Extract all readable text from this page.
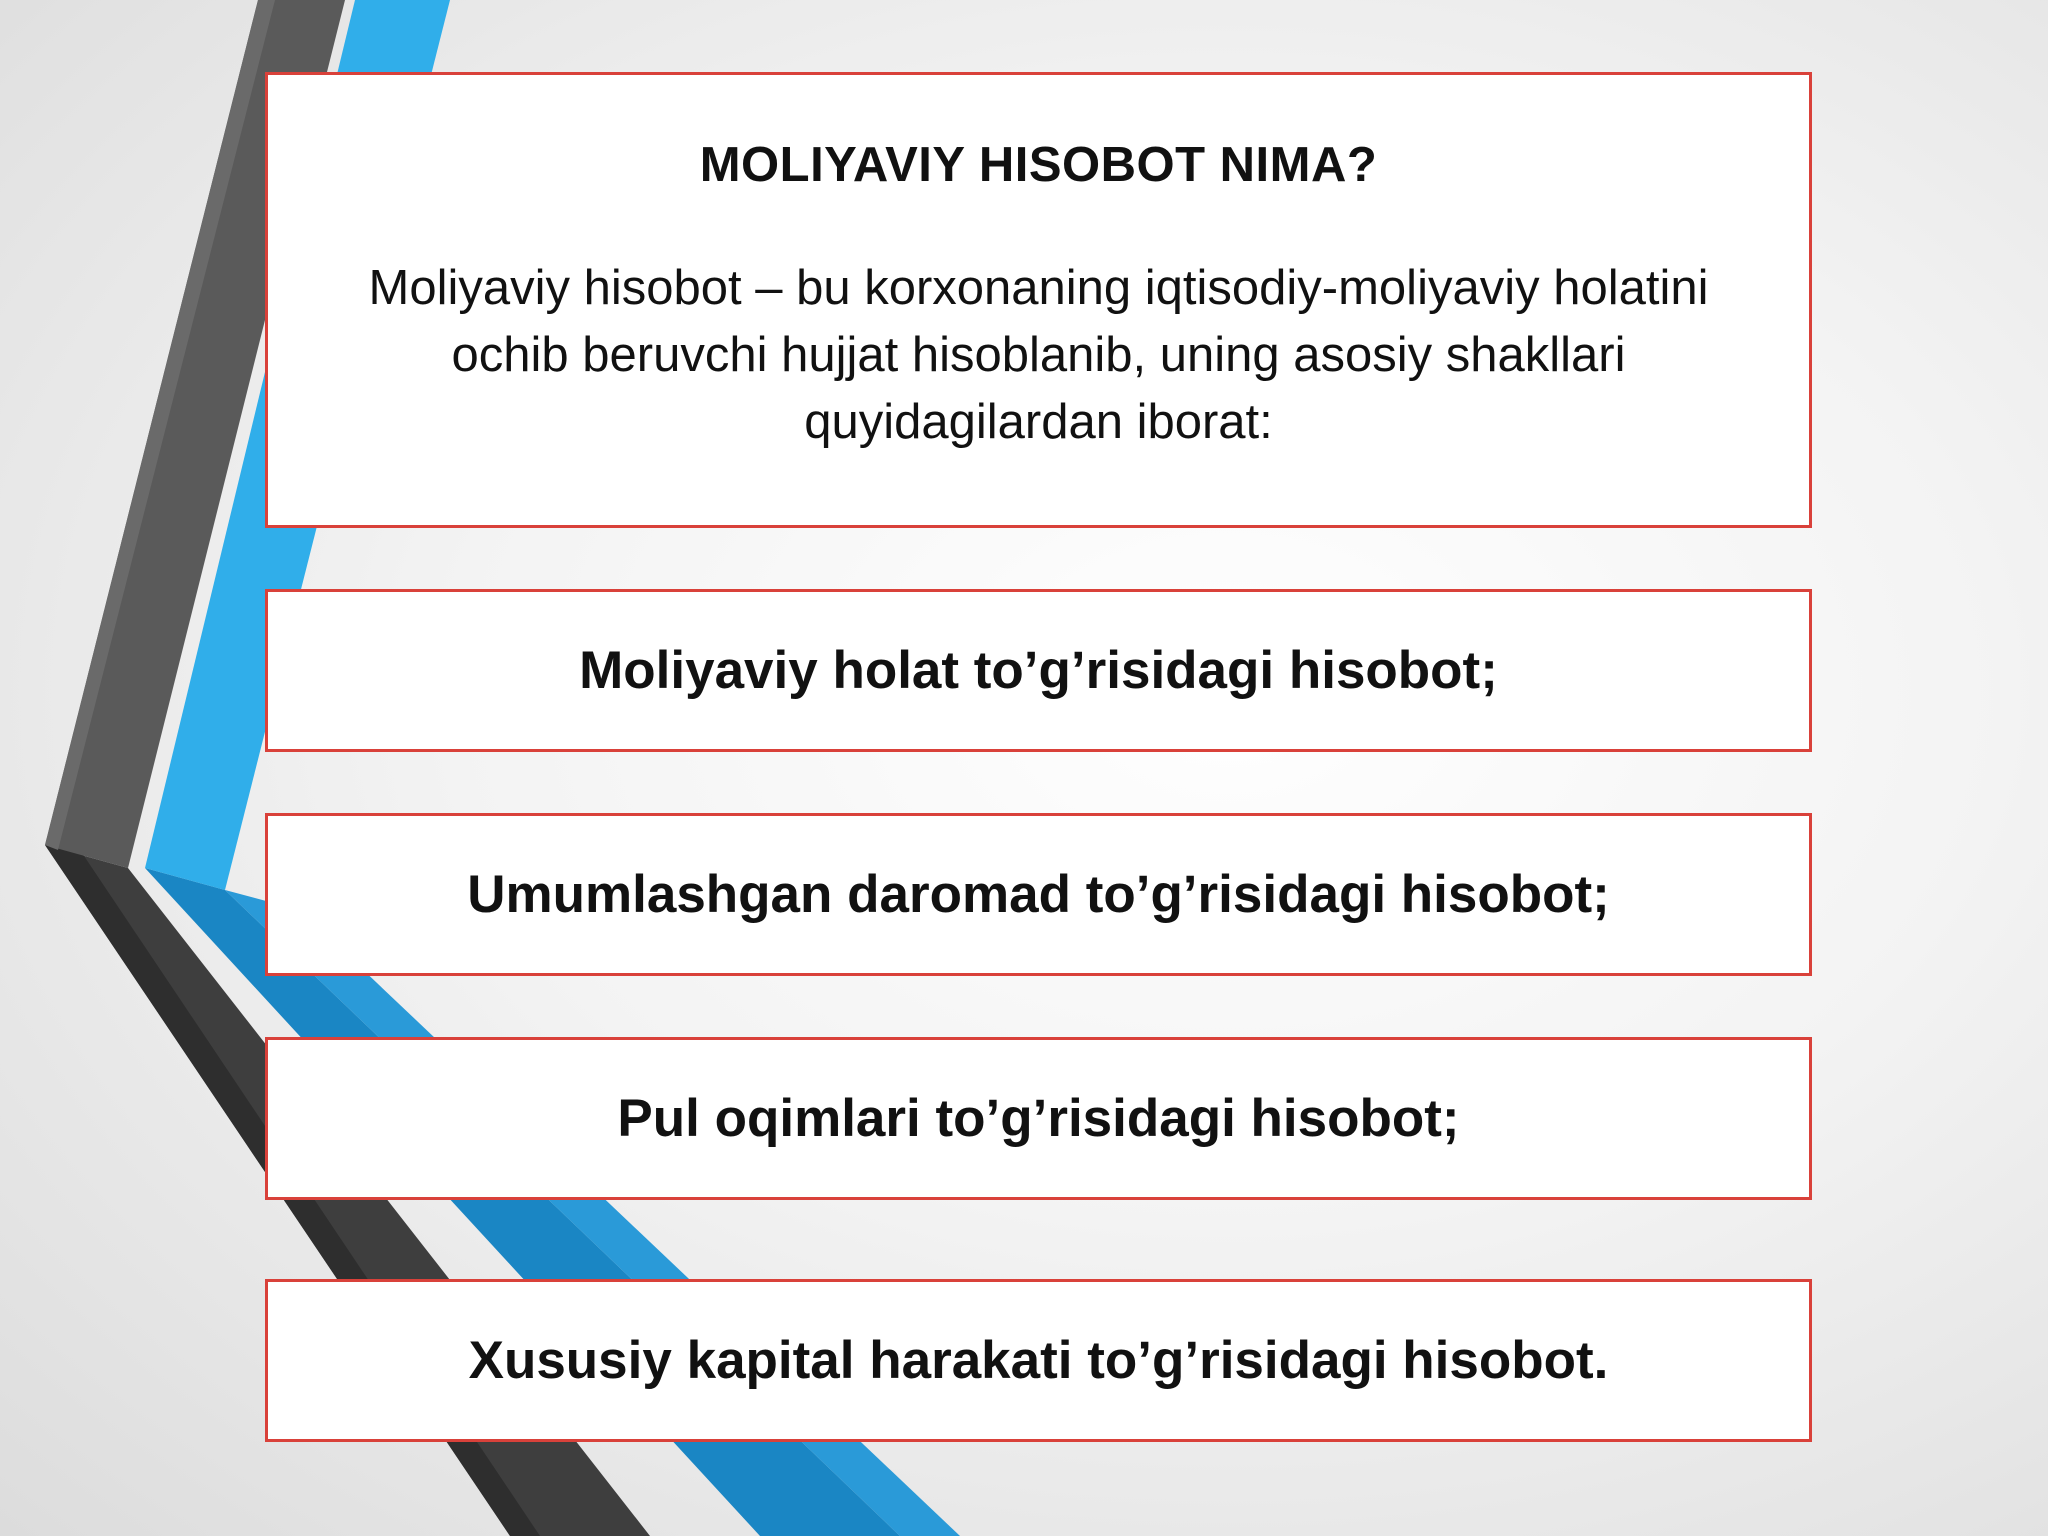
MOLIYAVIY HISOBOT NIMA?

Moliyaviy hisobot – bu korxonaning iqtisodiy-moliyaviy holatini ochib beruvchi hujjat hisoblanib, uning asosiy shakllari quyidagilardan iborat:

Moliyaviy holat to’g’risidagi hisobot;
Umumlashgan daromad to’g’risidagi hisobot;
Pul oqimlari to’g’risidagi hisobot;
Xususiy kapital harakati to’g’risidagi hisobot.
